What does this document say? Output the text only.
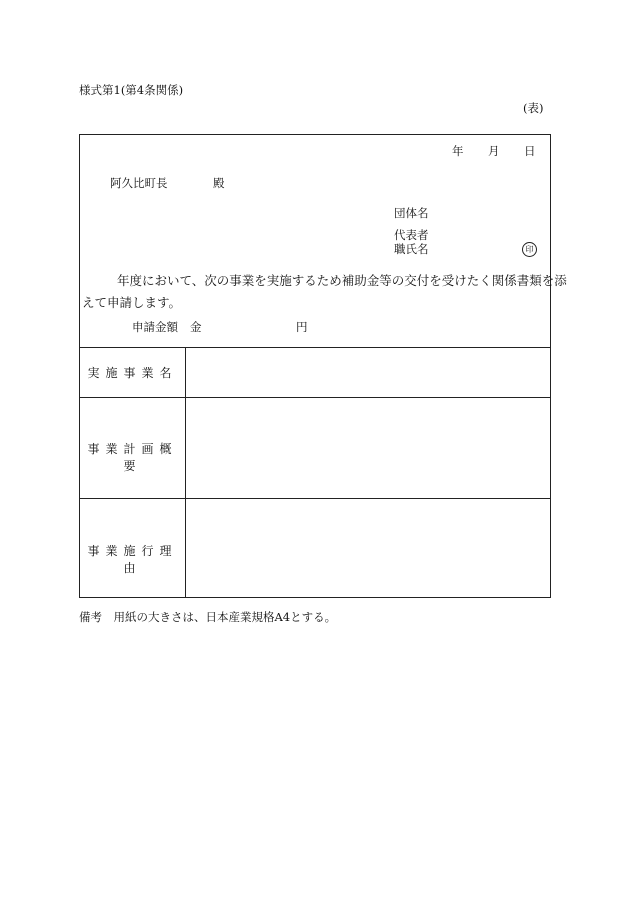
様式第1(第4条関係)
(表)
年 月 日
阿久比町長	殿
団体名
代表者
職氏名	印
年度において、次の事業を実施するため補助金等の交付を受けたく関係書類を添
えて申請します。
申請金額 金	円
実施事業名
事業計画概要
事業施行理由
備考　用紙の大きさは、日本産業規格A4とする。
